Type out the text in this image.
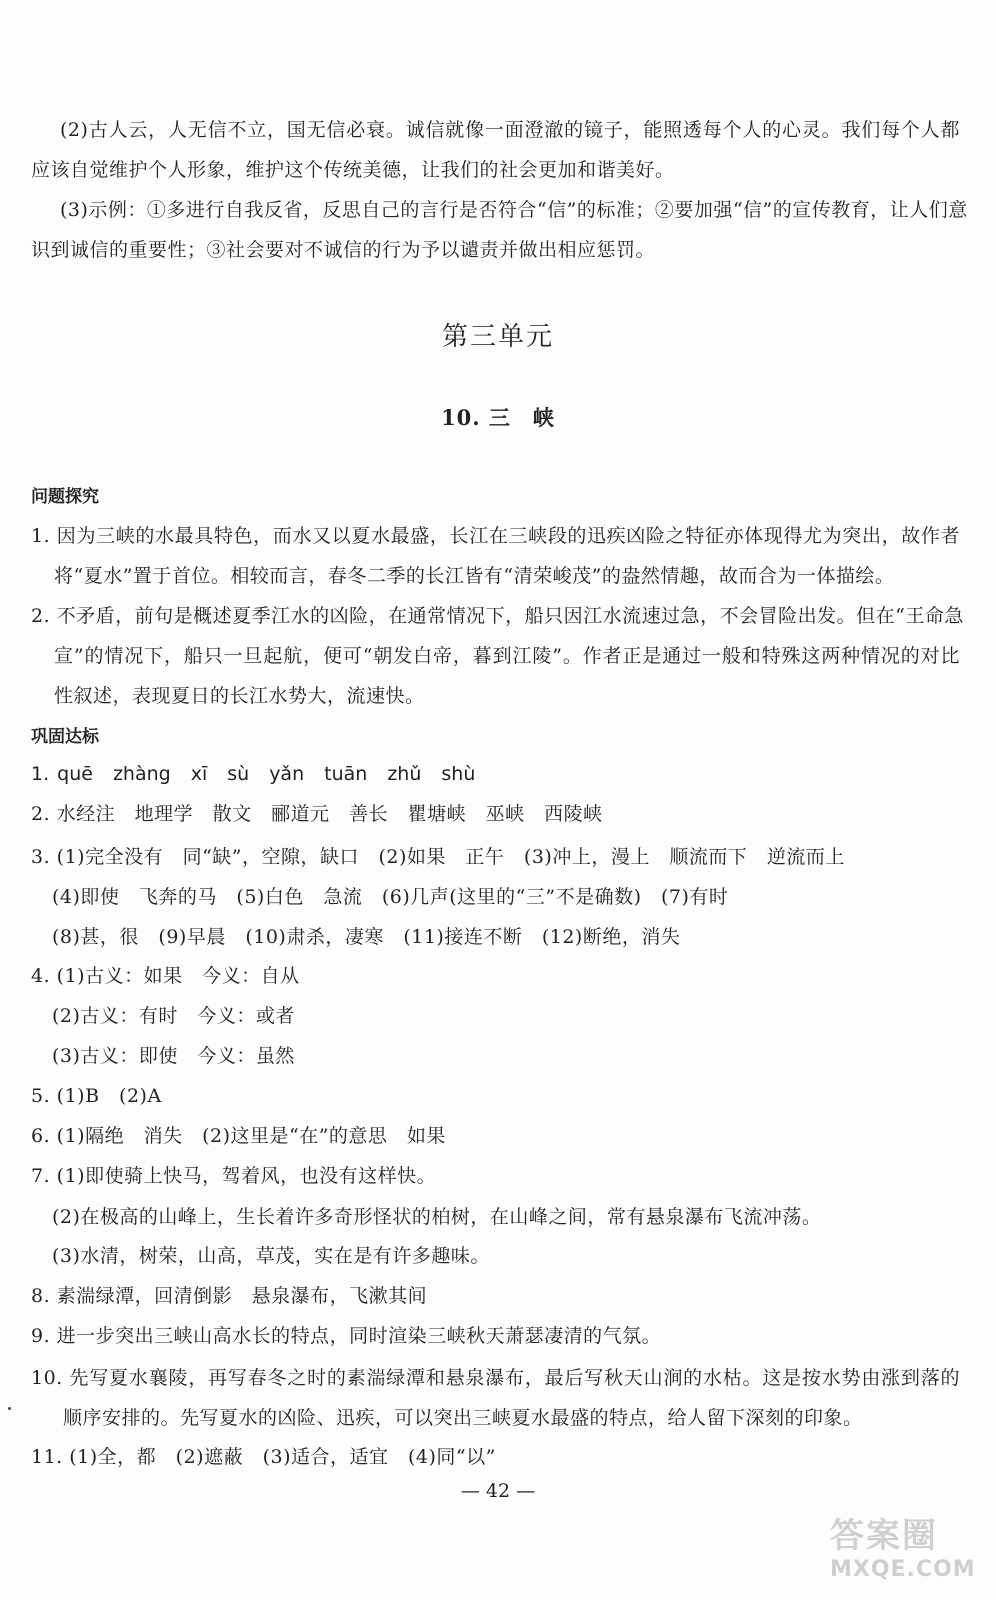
(2)古人云，人无信不立，国无信必衰。诚信就像一面澄澈的镜子，能照透每个人的心灵。我们每个人都
应该自觉维护个人形象，维护这个传统美德，让我们的社会更加和谐美好。
(3)示例：①多进行自我反省，反思自己的言行是否符合“信”的标准；②要加强“信”的宣传教育，让人们意
识到诚信的重要性；③社会要对不诚信的行为予以谴责并做出相应惩罚。
第三单元
10. 三　峡
问题探究
1. 因为三峡的水最具特色，而水又以夏水最盛，长江在三峡段的迅疾凶险之特征亦体现得尤为突出，故作者
将“夏水”置于首位。相较而言，春冬二季的长江皆有“清荣峻茂”的盎然情趣，故而合为一体描绘。
2. 不矛盾，前句是概述夏季江水的凶险，在通常情况下，船只因江水流速过急，不会冒险出发。但在“王命急
宣”的情况下，船只一旦起航，便可“朝发白帝，暮到江陵”。作者正是通过一般和特殊这两种情况的对比
性叙述，表现夏日的长江水势大，流速快。
巩固达标
1. quē zhàng xī sù yǎn tuān zhǔ shù
2. 水经注　地理学　散文　郦道元　善长　瞿塘峡　巫峡　西陵峡
3. (1)完全没有　同“缺”，空隙，缺口　(2)如果　正午　(3)冲上，漫上　顺流而下　逆流而上
(4)即使　飞奔的马　(5)白色　急流　(6)几声(这里的“三”不是确数)　(7)有时
(8)甚，很　(9)早晨　(10)肃杀，凄寒　(11)接连不断　(12)断绝，消失
4. (1)古义：如果　今义：自从
(2)古义：有时　今义：或者
(3)古义：即使　今义：虽然
5. (1)B　(2)A
6. (1)隔绝　消失　(2)这里是“在”的意思　如果
7. (1)即使骑上快马，驾着风，也没有这样快。
(2)在极高的山峰上，生长着许多奇形怪状的柏树，在山峰之间，常有悬泉瀑布飞流冲荡。
(3)水清，树荣，山高，草茂，实在是有许多趣味。
8. 素湍绿潭，回清倒影　悬泉瀑布，飞漱其间
9. 进一步突出三峡山高水长的特点，同时渲染三峡秋天萧瑟凄清的气氛。
10. 先写夏水襄陵，再写春冬之时的素湍绿潭和悬泉瀑布，最后写秋天山涧的水枯。这是按水势由涨到落的
顺序安排的。先写夏水的凶险、迅疾，可以突出三峡夏水最盛的特点，给人留下深刻的印象。
11. (1)全，都　(2)遮蔽　(3)适合，适宜　(4)同“以”
— 42 —
答案圈
MXQE.COM
